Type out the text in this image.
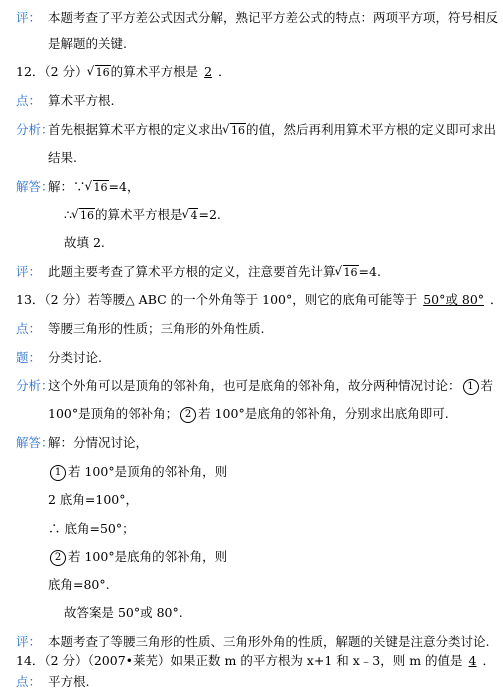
评： 本题考查了平方差公式因式分解，熟记平方差公式的特点：两项平方项，符号相反
是解题的关键.
12．（2 分） √ 16的算术平方根是 2 ．
点： 算术平方根.
分析：
首先根据算术平方根的定义求出 √ 16的值，然后再利用算术平方根的定义即可求出
结果.
解答：
解：∵ √ 16=4，
∴ √ 16的算术平方根是 √ 4=2.
故填 2.
评： 此题主要考查了算术平方根的定义，注意要首先计算 √ 16=4.
13．（2 分）若等腰△ ABC 的一个外角等于 100°，则它的底角可能等于 50°或 80° ．
点： 等腰三角形的性质；三角形的外角性质.
题： 分类讨论.
分析：
这个外角可以是顶角的邻补角，也可是底角的邻补角，故分两种情况讨论： 1 若
100°是顶角的邻补角； 2 若 100°是底角的邻补角，分别求出底角即可.
解答：
解：分情况讨论，
1 若 100°是顶角的邻补角，则
2 底角=100°，
∴ 底角=50°；
2 若 100°是底角的邻补角，则
底角=80°.
故答案是 50°或 80°.
评： 本题考查了等腰三角形的性质、三角形外角的性质，解题的关键是注意分类讨论.
14．（2 分）（2007•莱芜）如果正数 m 的平方根为 x+1 和 x﹣3，则 m 的值是 4 ．
点： 平方根.
